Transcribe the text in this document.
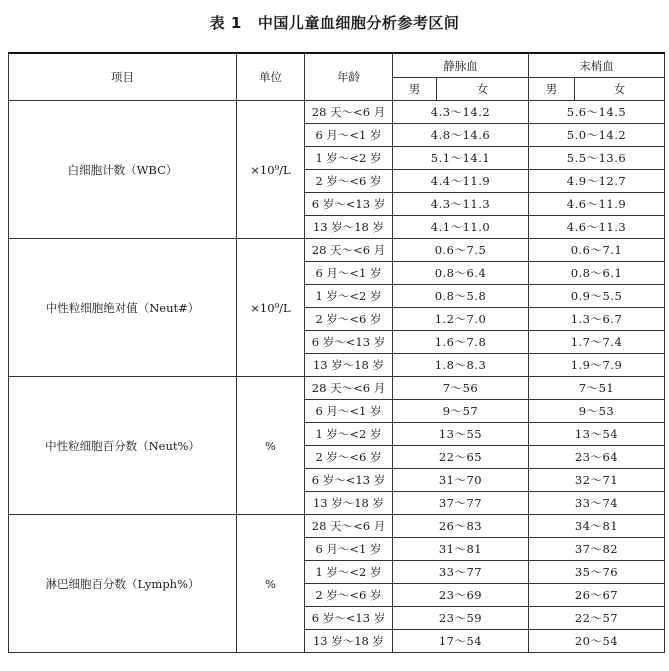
表 1 中国儿童血细胞分析参考区间
项目	单位	年龄	静脉血		末梢血	
			男	女	男	女
白细胞计数（WBC）	×10⁹/L	28 天～<6 月	4.3～14.2		5.6～14.5	
		6 月～<1 岁	4.8～14.6		5.0～14.2	
		1 岁～<2 岁	5.1～14.1		5.5～13.6	
		2 岁～<6 岁	4.4～11.9		4.9～12.7	
		6 岁～<13 岁	4.3～11.3		4.6～11.9	
		13 岁～18 岁	4.1～11.0		4.6～11.3	
中性粒细胞绝对值（Neut#）	×10⁹/L	28 天～<6 月	0.6～7.5		0.6～7.1	
		6 月～<1 岁	0.8～6.4		0.8～6.1	
		1 岁～<2 岁	0.8～5.8		0.9～5.5	
		2 岁～<6 岁	1.2～7.0		1.3～6.7	
		6 岁～<13 岁	1.6～7.8		1.7～7.4	
		13 岁～18 岁	1.8～8.3		1.9～7.9	
中性粒细胞百分数（Neut%）	%	28 天～<6 月	7～56		7～51	
		6 月～<1 岁	9～57		9～53	
		1 岁～<2 岁	13～55		13～54	
		2 岁～<6 岁	22～65		23～64	
		6 岁～<13 岁	31～70		32～71	
		13 岁～18 岁	37～77		33～74	
淋巴细胞百分数（Lymph%）	%	28 天～<6 月	26～83		34～81	
		6 月～<1 岁	31～81		37～82	
		1 岁～<2 岁	33～77		35～76	
		2 岁～<6 岁	23～69		26～67	
		6 岁～<13 岁	23～59		22～57	
		13 岁～18 岁	17～54		20～54	
